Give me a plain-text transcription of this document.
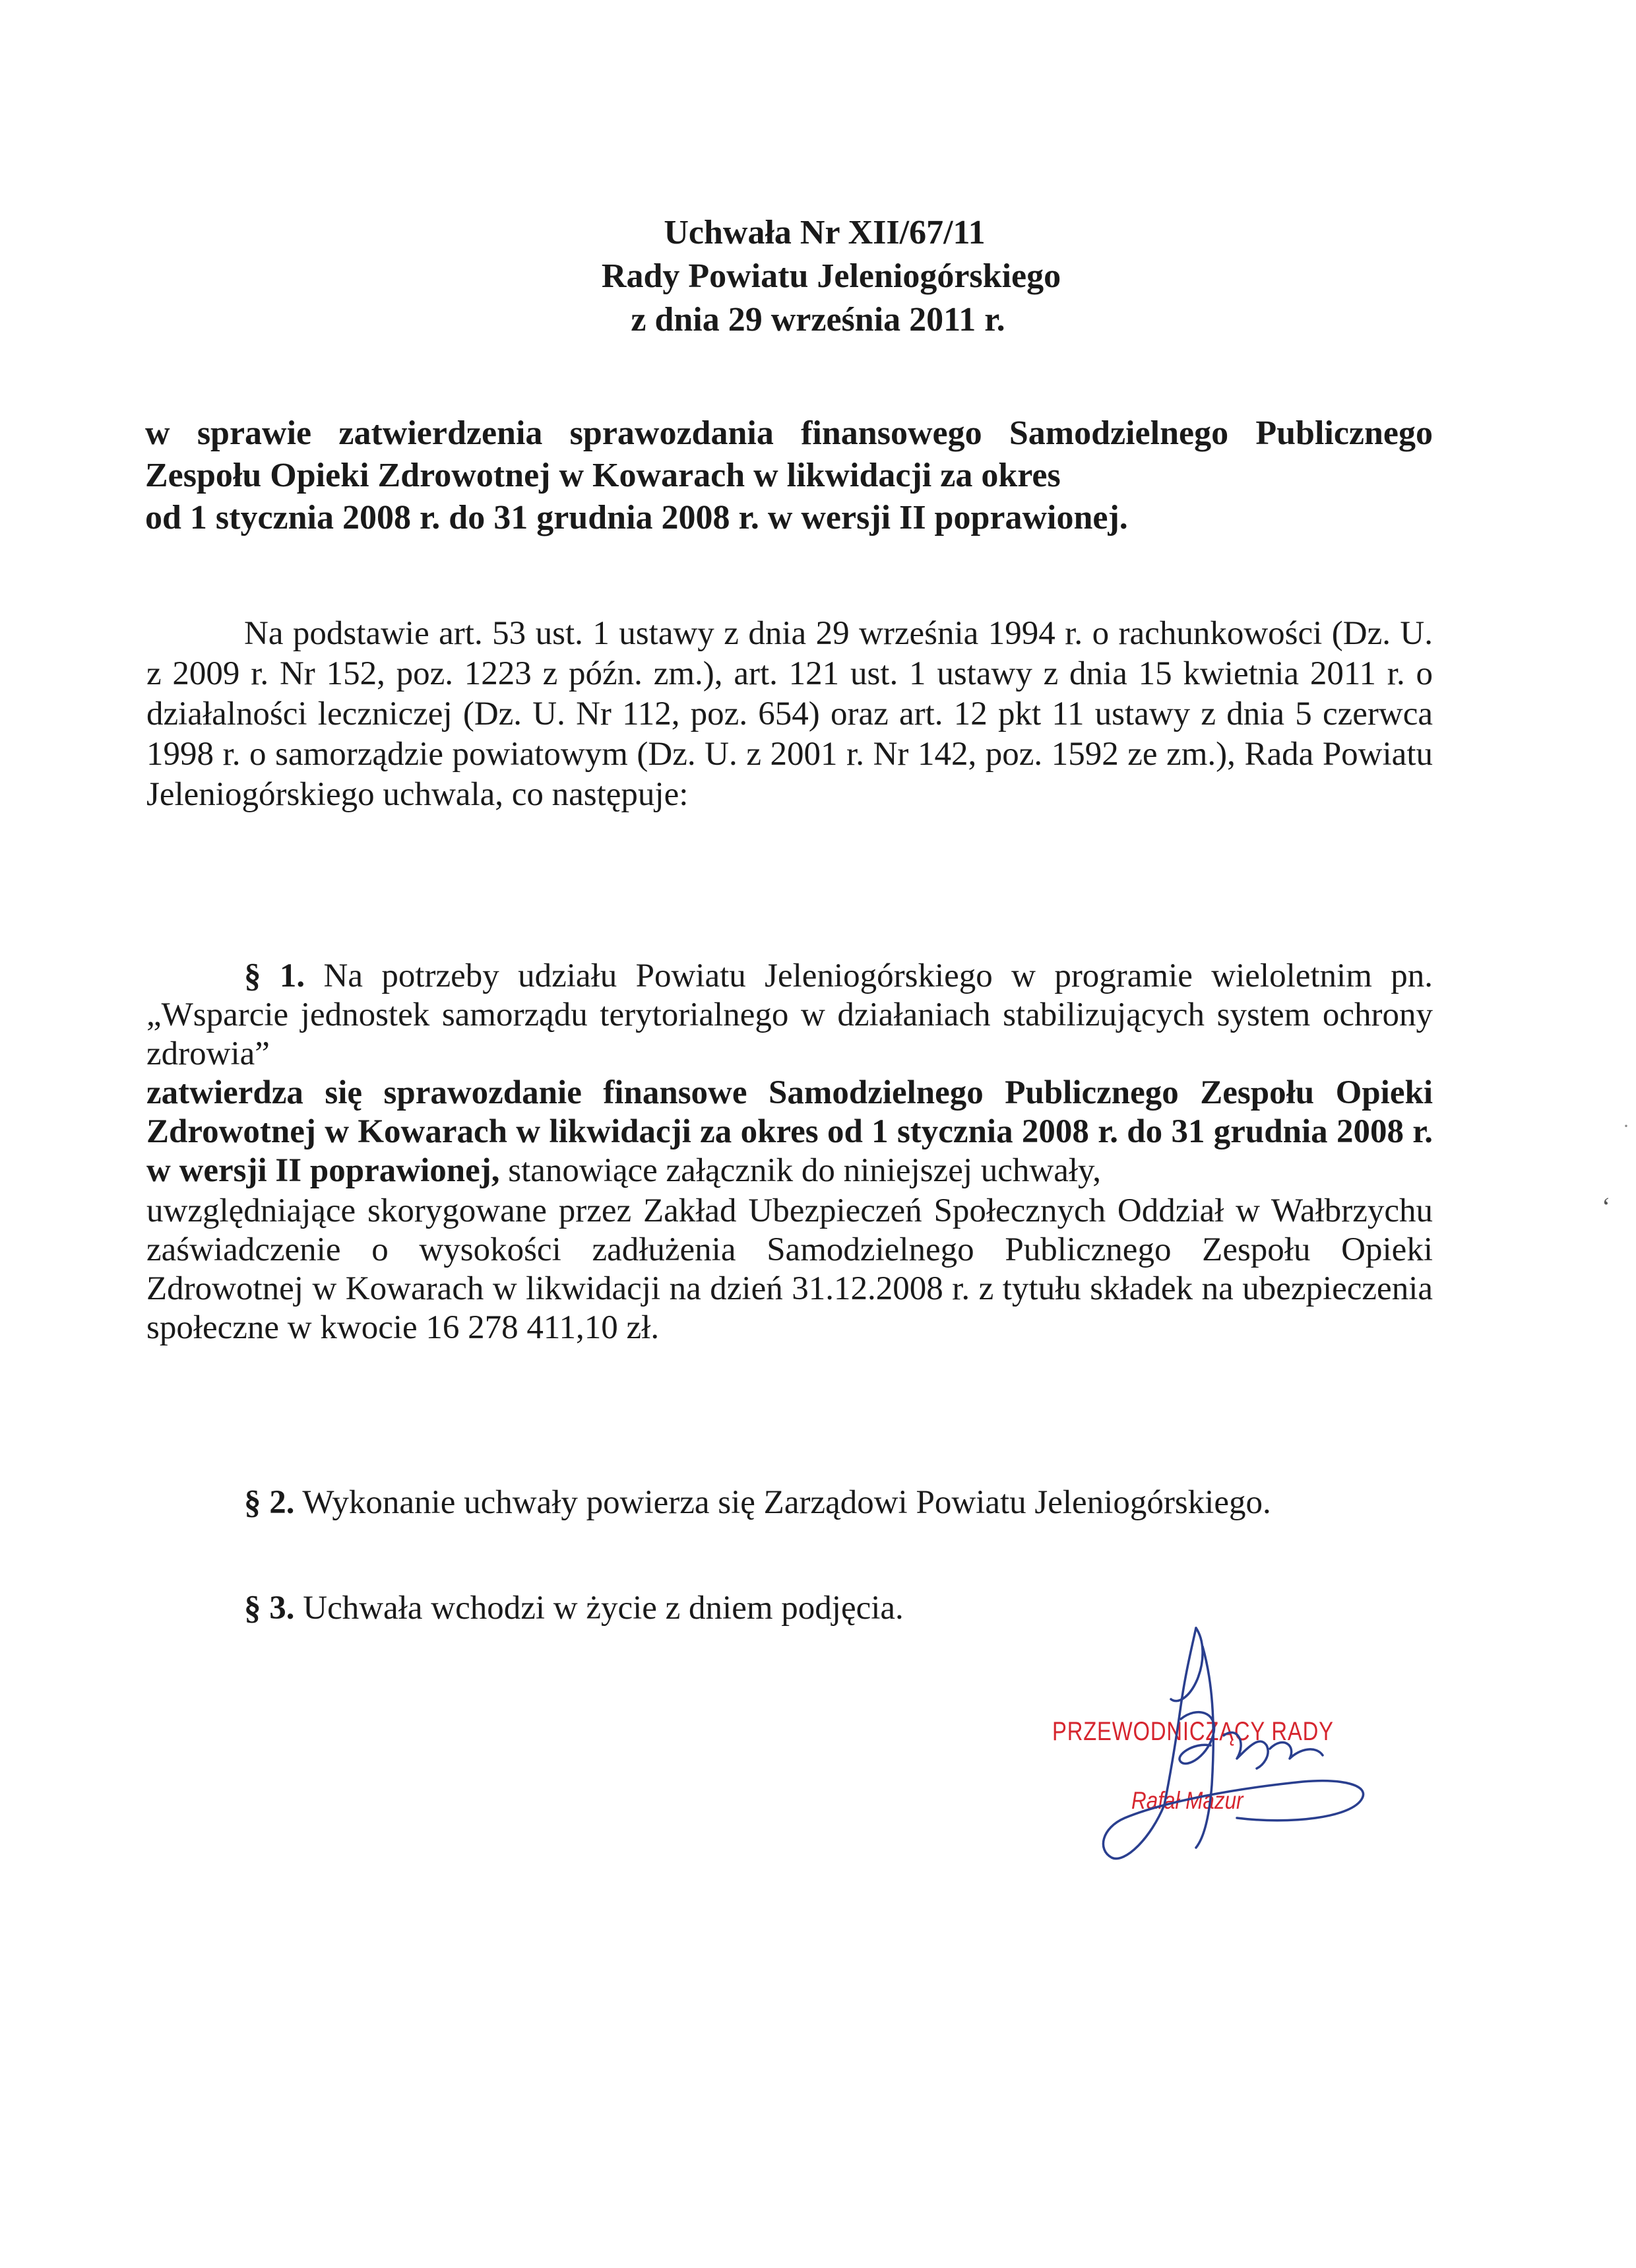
Uchwała Nr XII/67/11
Rady Powiatu Jeleniogórskiego
z dnia 29 września 2011 r.
w sprawie zatwierdzenia sprawozdania finansowego Samodzielnego Publicznego Zespołu Opieki Zdrowotnej w Kowarach w likwidacji za okres
od 1 stycznia 2008 r. do 31 grudnia 2008 r. w wersji II poprawionej.
Na podstawie art. 53 ust. 1 ustawy z dnia 29 września 1994 r. o rachunkowości (Dz. U. z 2009 r. Nr 152, poz. 1223 z późn. zm.), art. 121 ust. 1 ustawy z dnia 15 kwietnia 2011 r. o działalności leczniczej (Dz. U. Nr 112, poz. 654) oraz art. 12 pkt 11 ustawy z dnia 5 czerwca 1998 r. o samorządzie powiatowym (Dz. U. z 2001 r. Nr 142, poz. 1592 ze zm.), Rada Powiatu Jeleniogórskiego uchwala, co następuje:
§ 1. Na potrzeby udziału Powiatu Jeleniogórskiego w programie wieloletnim pn. „Wsparcie jednostek samorządu terytorialnego w działaniach stabilizujących system ochrony zdrowia”
zatwierdza się sprawozdanie finansowe Samodzielnego Publicznego Zespołu Opieki Zdrowotnej w Kowarach w likwidacji za okres od 1 stycznia 2008 r. do 31 grudnia 2008 r. w wersji II poprawionej, stanowiące załącznik do niniejszej uchwały,
uwzględniające skorygowane przez Zakład Ubezpieczeń Społecznych Oddział w Wałbrzychu zaświadczenie o wysokości zadłużenia Samodzielnego Publicznego Zespołu Opieki Zdrowotnej w Kowarach w likwidacji na dzień 31.12.2008 r. z tytułu składek na ubezpieczenia społeczne w kwocie 16 278 411,10 zł.
§ 2. Wykonanie uchwały powierza się Zarządowi Powiatu Jeleniogórskiego.
§ 3. Uchwała wchodzi w życie z dniem podjęcia.
PRZEWODNICZĄCY RADY
Rafał Mazur
·
ʻ
